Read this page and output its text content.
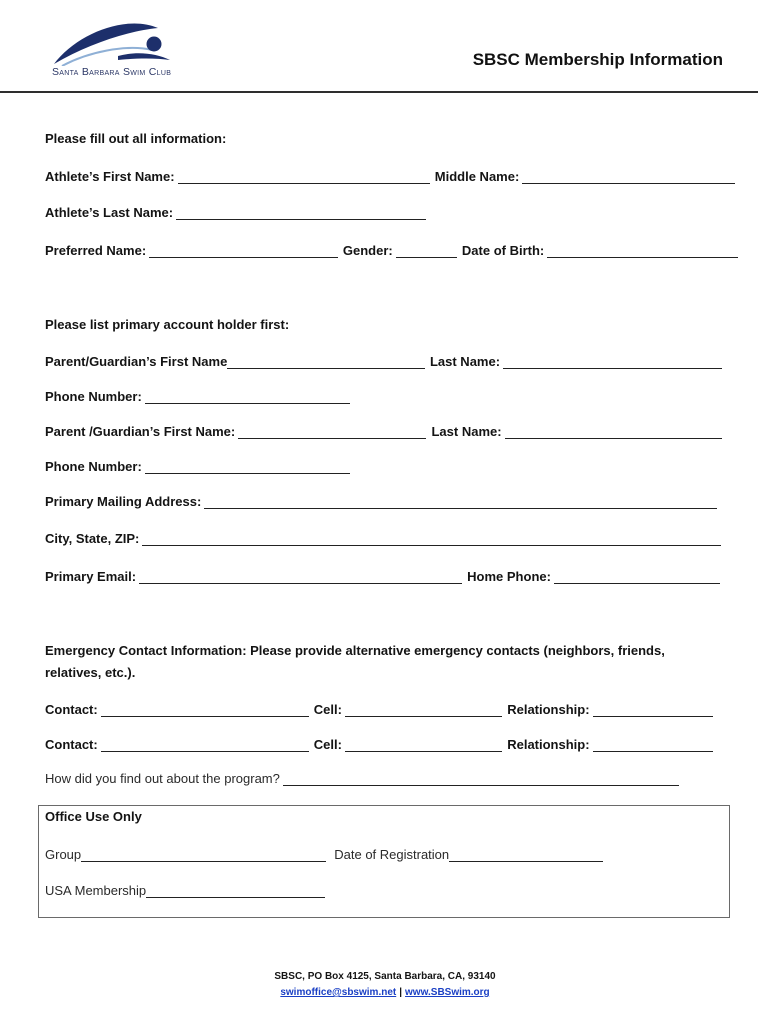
Santa Barbara Swim Club
SBSC Membership Information
Please fill out all information:
Athlete’s First Name:	Middle Name:
Athlete’s Last Name:
Preferred Name:	Gender:	Date of Birth:
Please list primary account holder first:
Parent/Guardian’s First Name	Last Name:
Phone Number:
Parent /Guardian’s First Name:	Last Name:
Phone Number:
Primary Mailing Address:
City, State, ZIP:
Primary Email:	Home Phone:
Emergency Contact Information: Please provide alternative emergency contacts (neighbors, friends,
relatives, etc.).
Contact:	Cell:	Relationship:
Contact:	Cell:	Relationship:
How did you find out about the program?
Office Use Only
Group	Date of Registration
USA Membership
SBSC, PO Box 4125, Santa Barbara, CA, 93140
swimoffice@sbswim.net | www.SBSwim.org
